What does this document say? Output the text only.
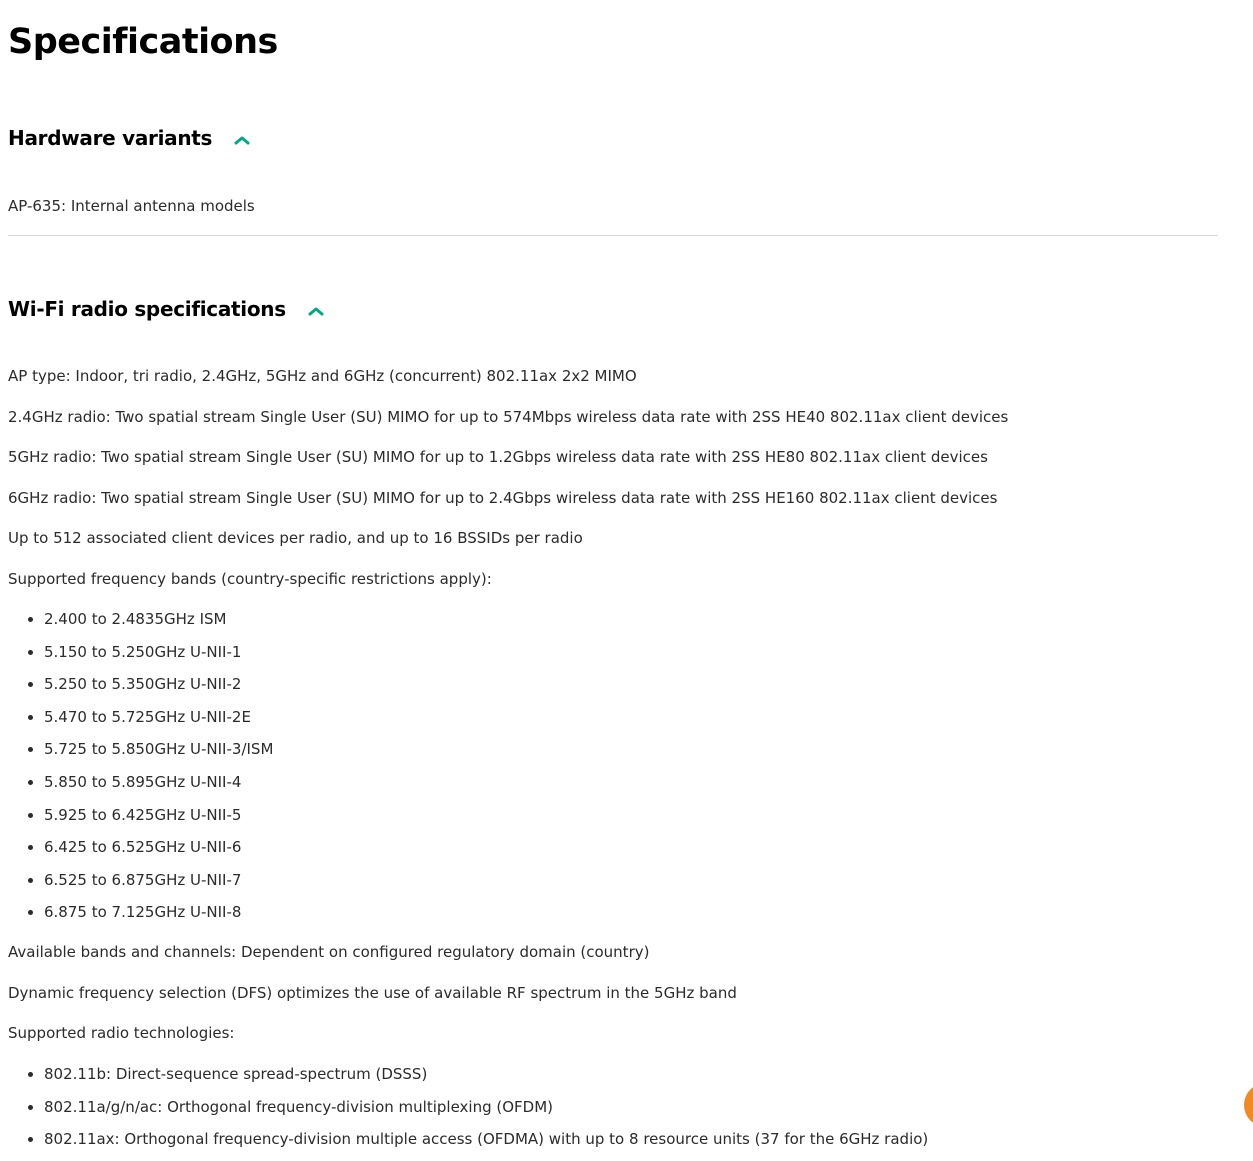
Specifications
Hardware variants

AP-635: Internal antenna models

Wi-Fi radio specifications

AP type: Indoor, tri radio, 2.4GHz, 5GHz and 6GHz (concurrent) 802.11ax 2x2 MIMO

2.4GHz radio: Two spatial stream Single User (SU) MIMO for up to 574Mbps wireless data rate with 2SS HE40 802.11ax client devices

5GHz radio: Two spatial stream Single User (SU) MIMO for up to 1.2Gbps wireless data rate with 2SS HE80 802.11ax client devices

6GHz radio: Two spatial stream Single User (SU) MIMO for up to 2.4Gbps wireless data rate with 2SS HE160 802.11ax client devices

Up to 512 associated client devices per radio, and up to 16 BSSIDs per radio

Supported frequency bands (country-specific restrictions apply):

2.400 to 2.4835GHz ISM
5.150 to 5.250GHz U-NII-1
5.250 to 5.350GHz U-NII-2
5.470 to 5.725GHz U-NII-2E
5.725 to 5.850GHz U-NII-3/ISM
5.850 to 5.895GHz U-NII-4
5.925 to 6.425GHz U-NII-5
6.425 to 6.525GHz U-NII-6
6.525 to 6.875GHz U-NII-7
6.875 to 7.125GHz U-NII-8

Available bands and channels: Dependent on configured regulatory domain (country)

Dynamic frequency selection (DFS) optimizes the use of available RF spectrum in the 5GHz band

Supported radio technologies:

802.11b: Direct-sequence spread-spectrum (DSSS)
802.11a/g/n/ac: Orthogonal frequency-division multiplexing (OFDM)
802.11ax: Orthogonal frequency-division multiple access (OFDMA) with up to 8 resource units (37 for the 6GHz radio)
